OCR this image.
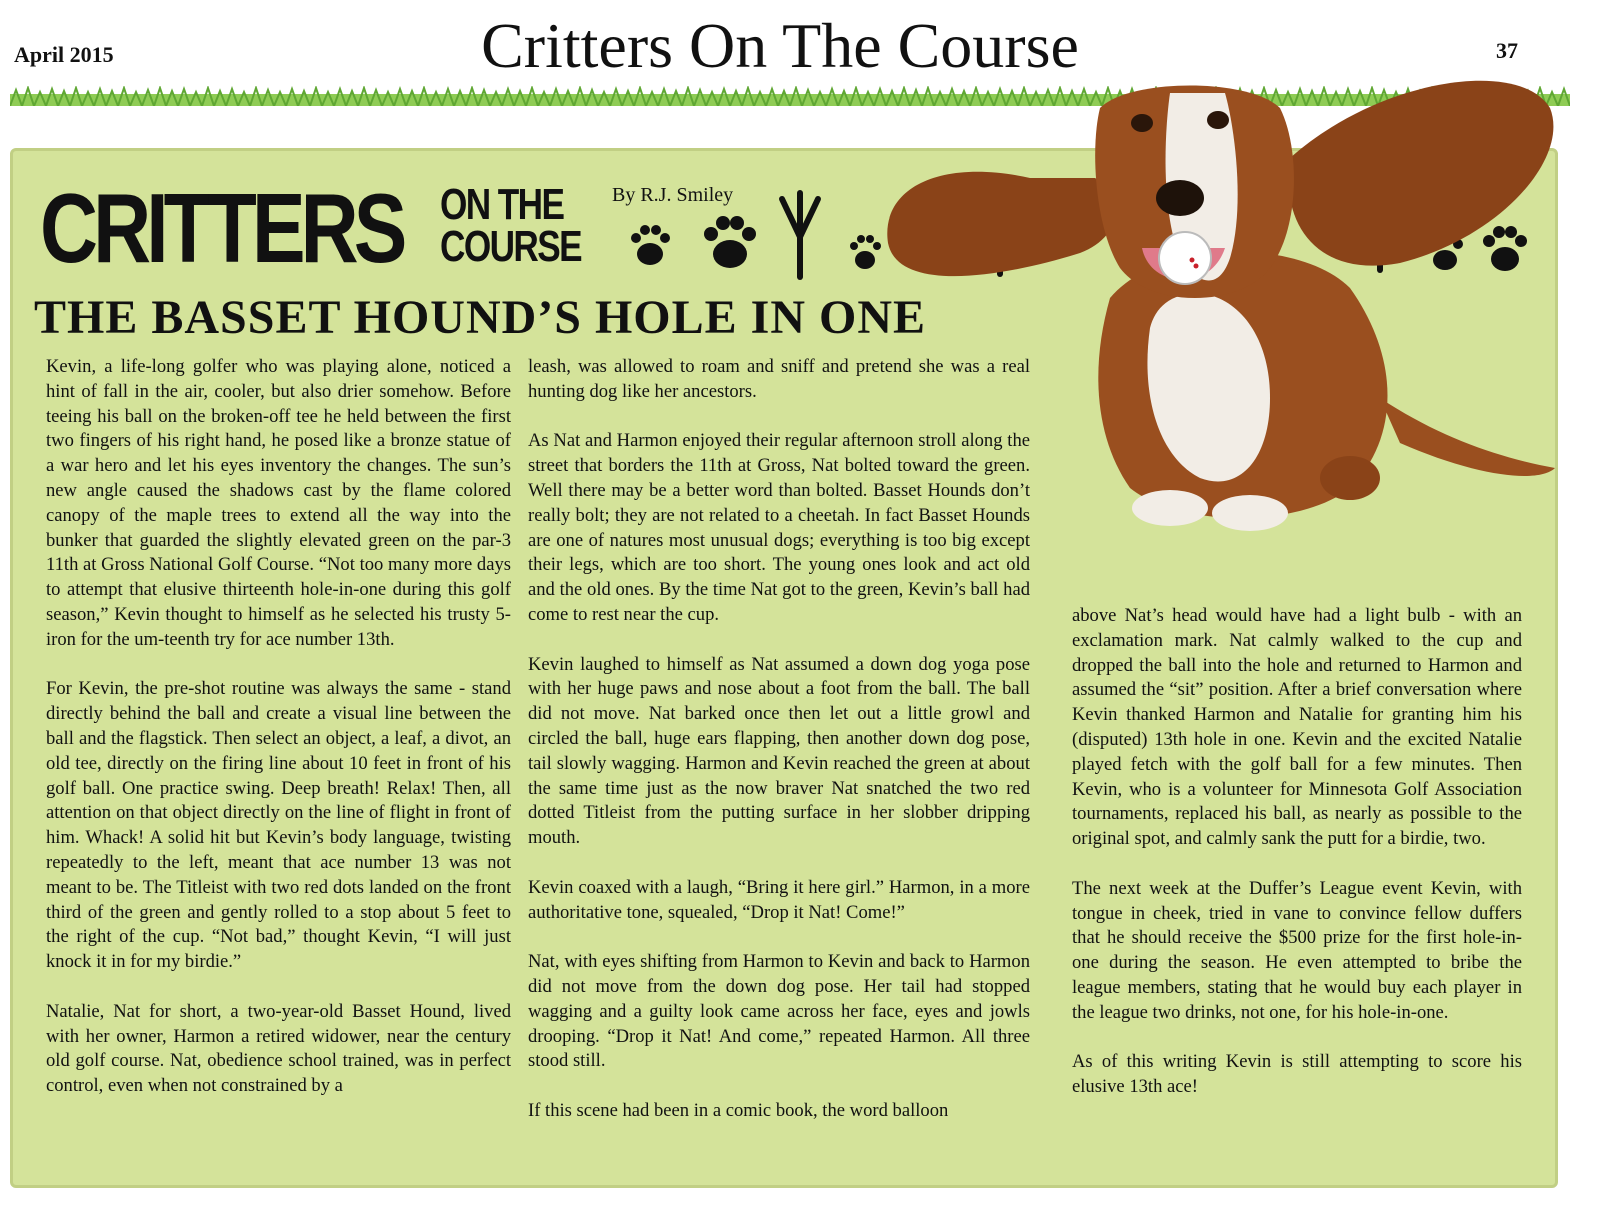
April 2015	Critters On The Course	37
CRITTERS ON THE
COURSE
By R.J. Smiley
THE BASSET HOUND’S HOLE IN ONE

Kevin, a life-long golfer who was playing alone, noticed a hint of fall in the air, cooler, but also drier somehow. Before teeing his ball on the broken-off tee he held between the first two fingers of his right hand, he posed like a bronze statue of a war hero and let his eyes inventory the changes. The sun’s new angle caused the shadows cast by the flame colored canopy of the maple trees to extend all the way into the bunker that guarded the slightly elevated green on the par-3 11th at Gross National Golf Course. “Not too many more days to attempt that elusive thirteenth hole-in-one during this golf season,” Kevin thought to himself as he selected his trusty 5-iron for the um-teenth try for ace number 13th.

For Kevin, the pre-shot routine was always the same - stand directly behind the ball and create a visual line between the ball and the flagstick. Then select an object, a leaf, a divot, an old tee, directly on the firing line about 10 feet in front of his golf ball. One practice swing. Deep breath! Relax! Then, all attention on that object directly on the line of flight in front of him. Whack! A solid hit but Kevin’s body language, twisting repeatedly to the left, meant that ace number 13 was not meant to be. The Titleist with two red dots landed on the front third of the green and gently rolled to a stop about 5 feet to the right of the cup. “Not bad,” thought Kevin, “I will just knock it in for my birdie.”

Natalie, Nat for short, a two-year-old Basset Hound, lived with her owner, Harmon a retired widower, near the century old golf course. Nat, obedience school trained, was in perfect control, even when not constrained by a

leash, was allowed to roam and sniff and pretend she was a real hunting dog like her ancestors.

As Nat and Harmon enjoyed their regular afternoon stroll along the street that borders the 11th at Gross, Nat bolted toward the green. Well there may be a better word than bolted. Basset Hounds don’t really bolt; they are not related to a cheetah. In fact Basset Hounds are one of natures most unusual dogs; everything is too big except their legs, which are too short. The young ones look and act old and the old ones. By the time Nat got to the green, Kevin’s ball had come to rest near the cup.

Kevin laughed to himself as Nat assumed a down dog yoga pose with her huge paws and nose about a foot from the ball. The ball did not move. Nat barked once then let out a little growl and circled the ball, huge ears flapping, then another down dog pose, tail slowly wagging. Harmon and Kevin reached the green at about the same time just as the now braver Nat snatched the two red dotted Titleist from the putting surface in her slobber dripping mouth.

Kevin coaxed with a laugh, “Bring it here girl.” Harmon, in a more authoritative tone, squealed, “Drop it Nat! Come!”

Nat, with eyes shifting from Harmon to Kevin and back to Harmon did not move from the down dog pose. Her tail had stopped wagging and a guilty look came across her face, eyes and jowls drooping. “Drop it Nat! And come,” repeated Harmon. All three stood still.

If this scene had been in a comic book, the word balloon

above Nat’s head would have had a light bulb - with an exclamation mark. Nat calmly walked to the cup and dropped the ball into the hole and returned to Harmon and assumed the “sit” position. After a brief conversation where Kevin thanked Harmon and Natalie for granting him his (disputed) 13th hole in one. Kevin and the excited Natalie played fetch with the golf ball for a few minutes. Then Kevin, who is a volunteer for Minnesota Golf Association tournaments, replaced his ball, as nearly as possible to the original spot, and calmly sank the putt for a birdie, two.

The next week at the Duffer’s League event Kevin, with tongue in cheek, tried in vane to convince fellow duffers that he should receive the $500 prize for the first hole-in-one during the season. He even attempted to bribe the league members, stating that he would buy each player in the league two drinks, not one, for his hole-in-one.

As of this writing Kevin is still attempting to score his elusive 13th ace!
